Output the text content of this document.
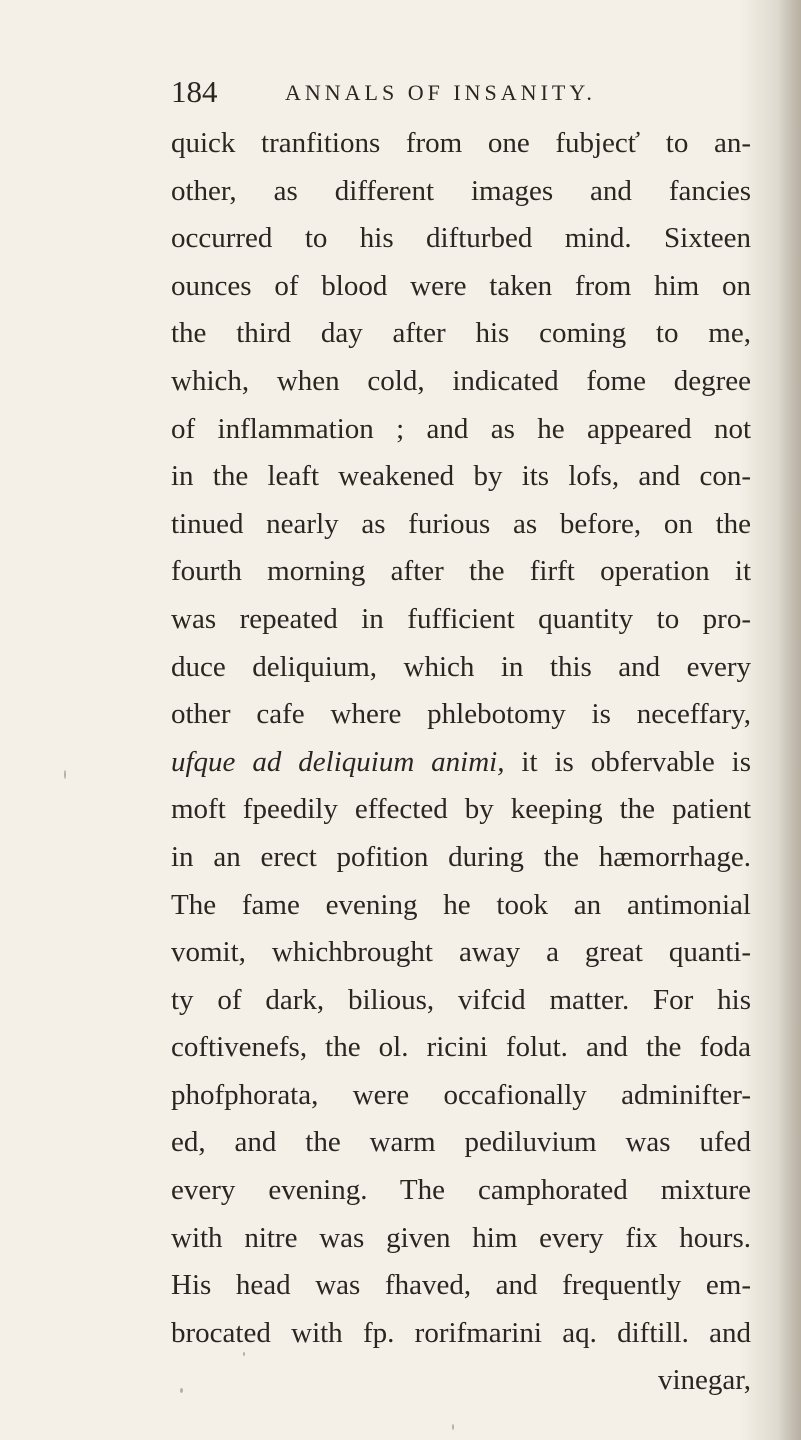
184	ANNALS OF INSANITY.
quick tranfitions from one fubjecť to an-
other, as different images and fancies
occurred to his difturbed mind. Sixteen
ounces of blood were taken from him on
the third day after his coming to me,
which, when cold, indicated fome degree
of inflammation ; and as he appeared not
in the leaft weakened by its lofs, and con-
tinued nearly as furious as before, on the
fourth morning after the firft operation it
was repeated in fufficient quantity to pro-
duce deliquium, which in this and every
other cafe where phlebotomy is neceffary,
ufque ad deliquium animi, it is obfervable is
moft fpeedily effected by keeping the patient
in an erect pofition during the hæmorrhage.
The fame evening he took an antimonial
vomit, whichbrought away a great quanti-
ty of dark, bilious, vifcid matter. For his
coftivenefs, the ol. ricini folut. and the foda
phofphorata, were occafionally adminifter-
ed, and the warm pediluvium was ufed
every evening. The camphorated mixture
with nitre was given him every fix hours.
His head was fhaved, and frequently em-
brocated with fp. rorifmarini aq. diftill. and
vinegar,
